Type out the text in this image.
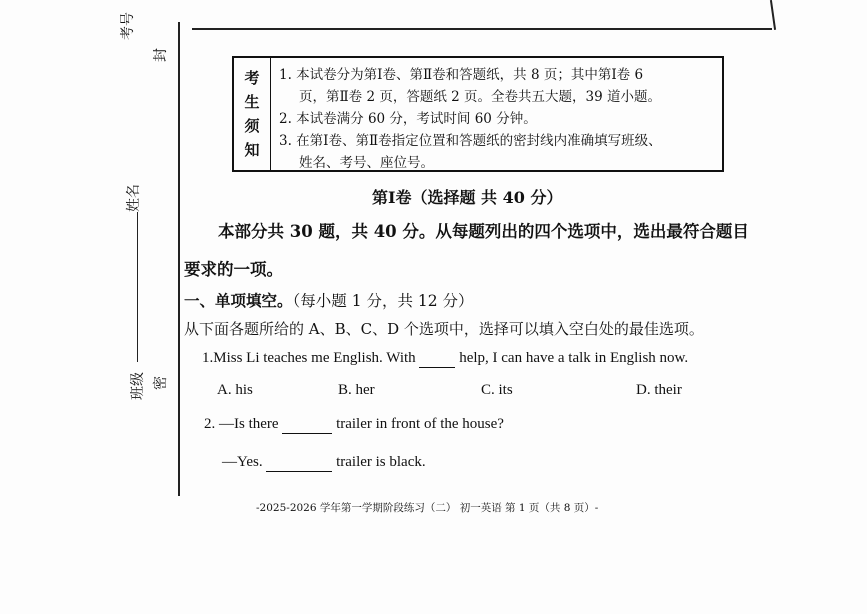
考号
封
姓名
班级 密
考
生
须
知
1. 本试卷分为第Ⅰ卷、第Ⅱ卷和答题纸，共 8 页；其中第Ⅰ卷 6
页，第Ⅱ卷 2 页，答题纸 2 页。全卷共五大题，39 道小题。
2. 本试卷满分 60 分，考试时间 60 分钟。
3. 在第Ⅰ卷、第Ⅱ卷指定位置和答题纸的密封线内准确填写班级、
姓名、考号、座位号。
第Ⅰ卷（选择题 共 40 分）
本部分共 30 题，共 40 分。从每题列出的四个选项中，选出最符合题目
要求的一项。
一、单项填空。（每小题 1 分，共 12 分）
从下面各题所给的 A、B、C、D 个选项中，选择可以填入空白处的最佳选项。
1.Miss Li teaches me English. With	help, I can have a talk in English now.
A. his	B. her	C. its	D. their
2. —Is there	trailer in front of the house?
—Yes.	trailer is black.
-2025-2026 学年第一学期阶段练习（二） 初一英语 第 1 页（共 8 页）-
